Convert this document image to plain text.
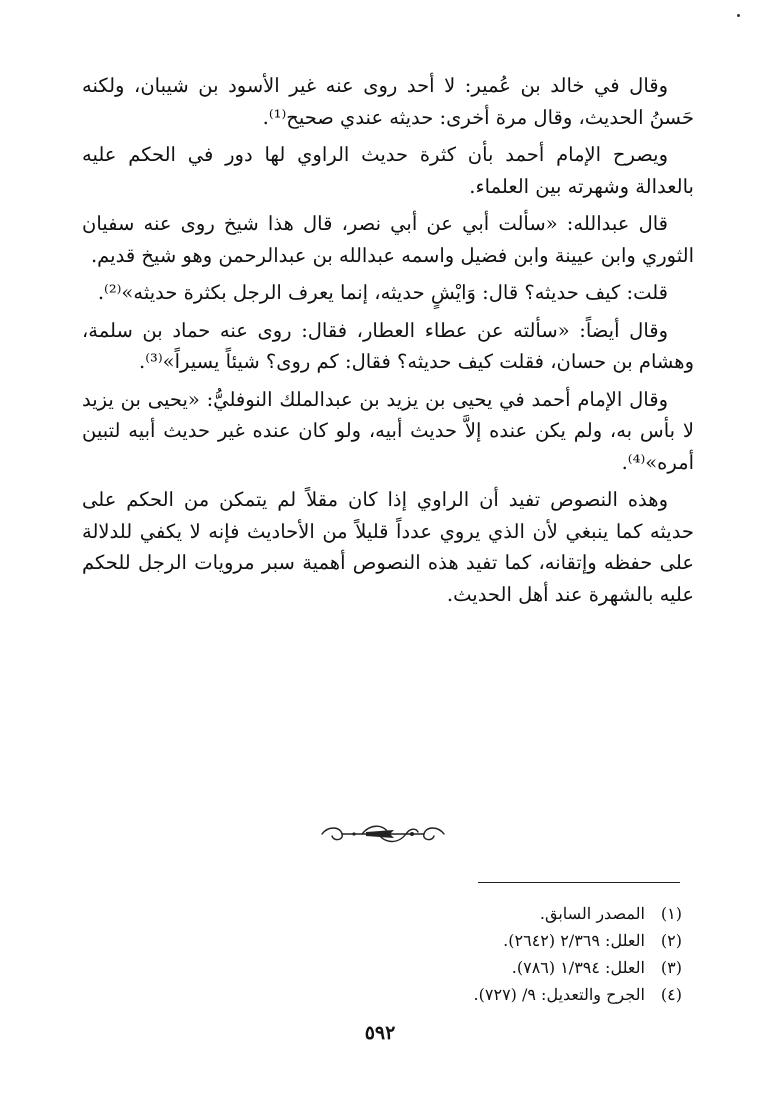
وقال في خالد بن عُمير: لا أحد روى عنه غير الأسود بن شيبان، ولكنه حَسنُ الحديث، وقال مرة أخرى: حديثه عندي صحيح⁽¹⁾.

ويصرح الإمام أحمد بأن كثرة حديث الراوي لها دور في الحكم عليه بالعدالة وشهرته بين العلماء.

قال عبدالله: «سألت أبي عن أبي نصر، قال هذا شيخ روى عنه سفيان الثوري وابن عيينة وابن فضيل واسمه عبدالله بن عبدالرحمن وهو شيخ قديم.

قلت: كيف حديثه؟ قال: وَايْشٍ حديثه، إنما يعرف الرجل بكثرة حديثه»⁽²⁾.

وقال أيضاً: «سألته عن عطاء العطار، فقال: روى عنه حماد بن سلمة، وهشام بن حسان، فقلت كيف حديثه؟ فقال: كم روى؟ شيئاً يسيراً»⁽³⁾.

وقال الإمام أحمد في يحيى بن يزيد بن عبدالملك النوفليُّ: «يحيى بن يزيد لا بأس به، ولم يكن عنده إلاَّ حديث أبيه، ولو كان عنده غير حديث أبيه لتبين أمره»⁽⁴⁾.

وهذه النصوص تفيد أن الراوي إذا كان مقلاً لم يتمكن من الحكم على حديثه كما ينبغي لأن الذي يروي عدداً قليلاً من الأحاديث فإنه لا يكفي للدلالة على حفظه وإتقانه، كما تفيد هذه النصوص أهمية سبر مرويات الرجل للحكم عليه بالشهرة عند أهل الحديث.

(١) المصدر السابق.
(٢) العلل: ٢/٣٦٩ (٢٦٤٢).
(٣) العلل: ١/٣٩٤ (٧٨٦).
(٤) الجرح والتعديل: ٩/ (٧٢٧).
٥٩٢
